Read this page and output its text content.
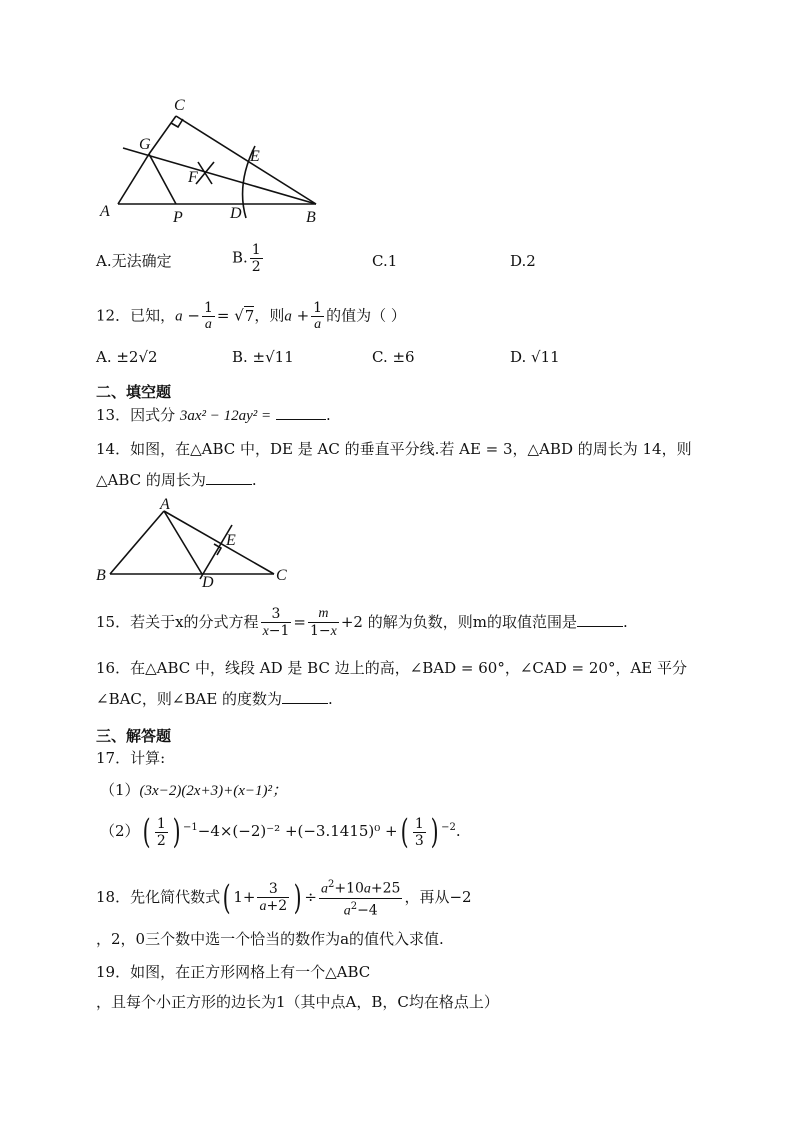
C
G
E
F
A	P	D	B
A.无法确定	B. $\frac{1}{2}$	C.1	D.2
12．已知，$a - \frac{1}{a} = √7$，则$a + \frac{1}{a}$ 的值为（ ）
A. ±2√2	B. ±√11	C. ±6	D. √11
二、填空题
13．因式分 3ax² − 12ay² =	.
14．如图，在△ABC 中，DE 是 AC 的垂直平分线.若 AE = 3，△ABD 的周长为 14，则
△ABC 的周长为	.
A
E
B	D	C
15．若关于x的分式方程 $\frac{3}{x-1} = \frac{m}{1-x} +2$ 的解为负数，则m的取值范围是	.
16．在△ABC 中，线段 AD 是 BC 边上的高，∠BAD = 60°，∠CAD = 20°，AE 平分
∠BAC，则∠BAE 的度数为	.
三、解答题
17．计算:
（1）(3x−2)(2x+3)+(x−1)²；
$(2)( \frac{1}{2}$ ) $^{-1}$−4×(−2)⁻² +(−3.1415)⁰ +( $\frac{1}{3}$ ) $^{-2}$.
18．先化简代数式( $1+ \frac{3}{a+2}$ ) ÷ $\frac{a^2+10a+25}{a^2-4}$ ，再从−2
，2，0三个数中选一个恰当的数作为a的值代入求值.
19．如图，在正方形网格上有一个△ABC
，且每个小正方形的边长为1（其中点A，B，C均在格点上）
